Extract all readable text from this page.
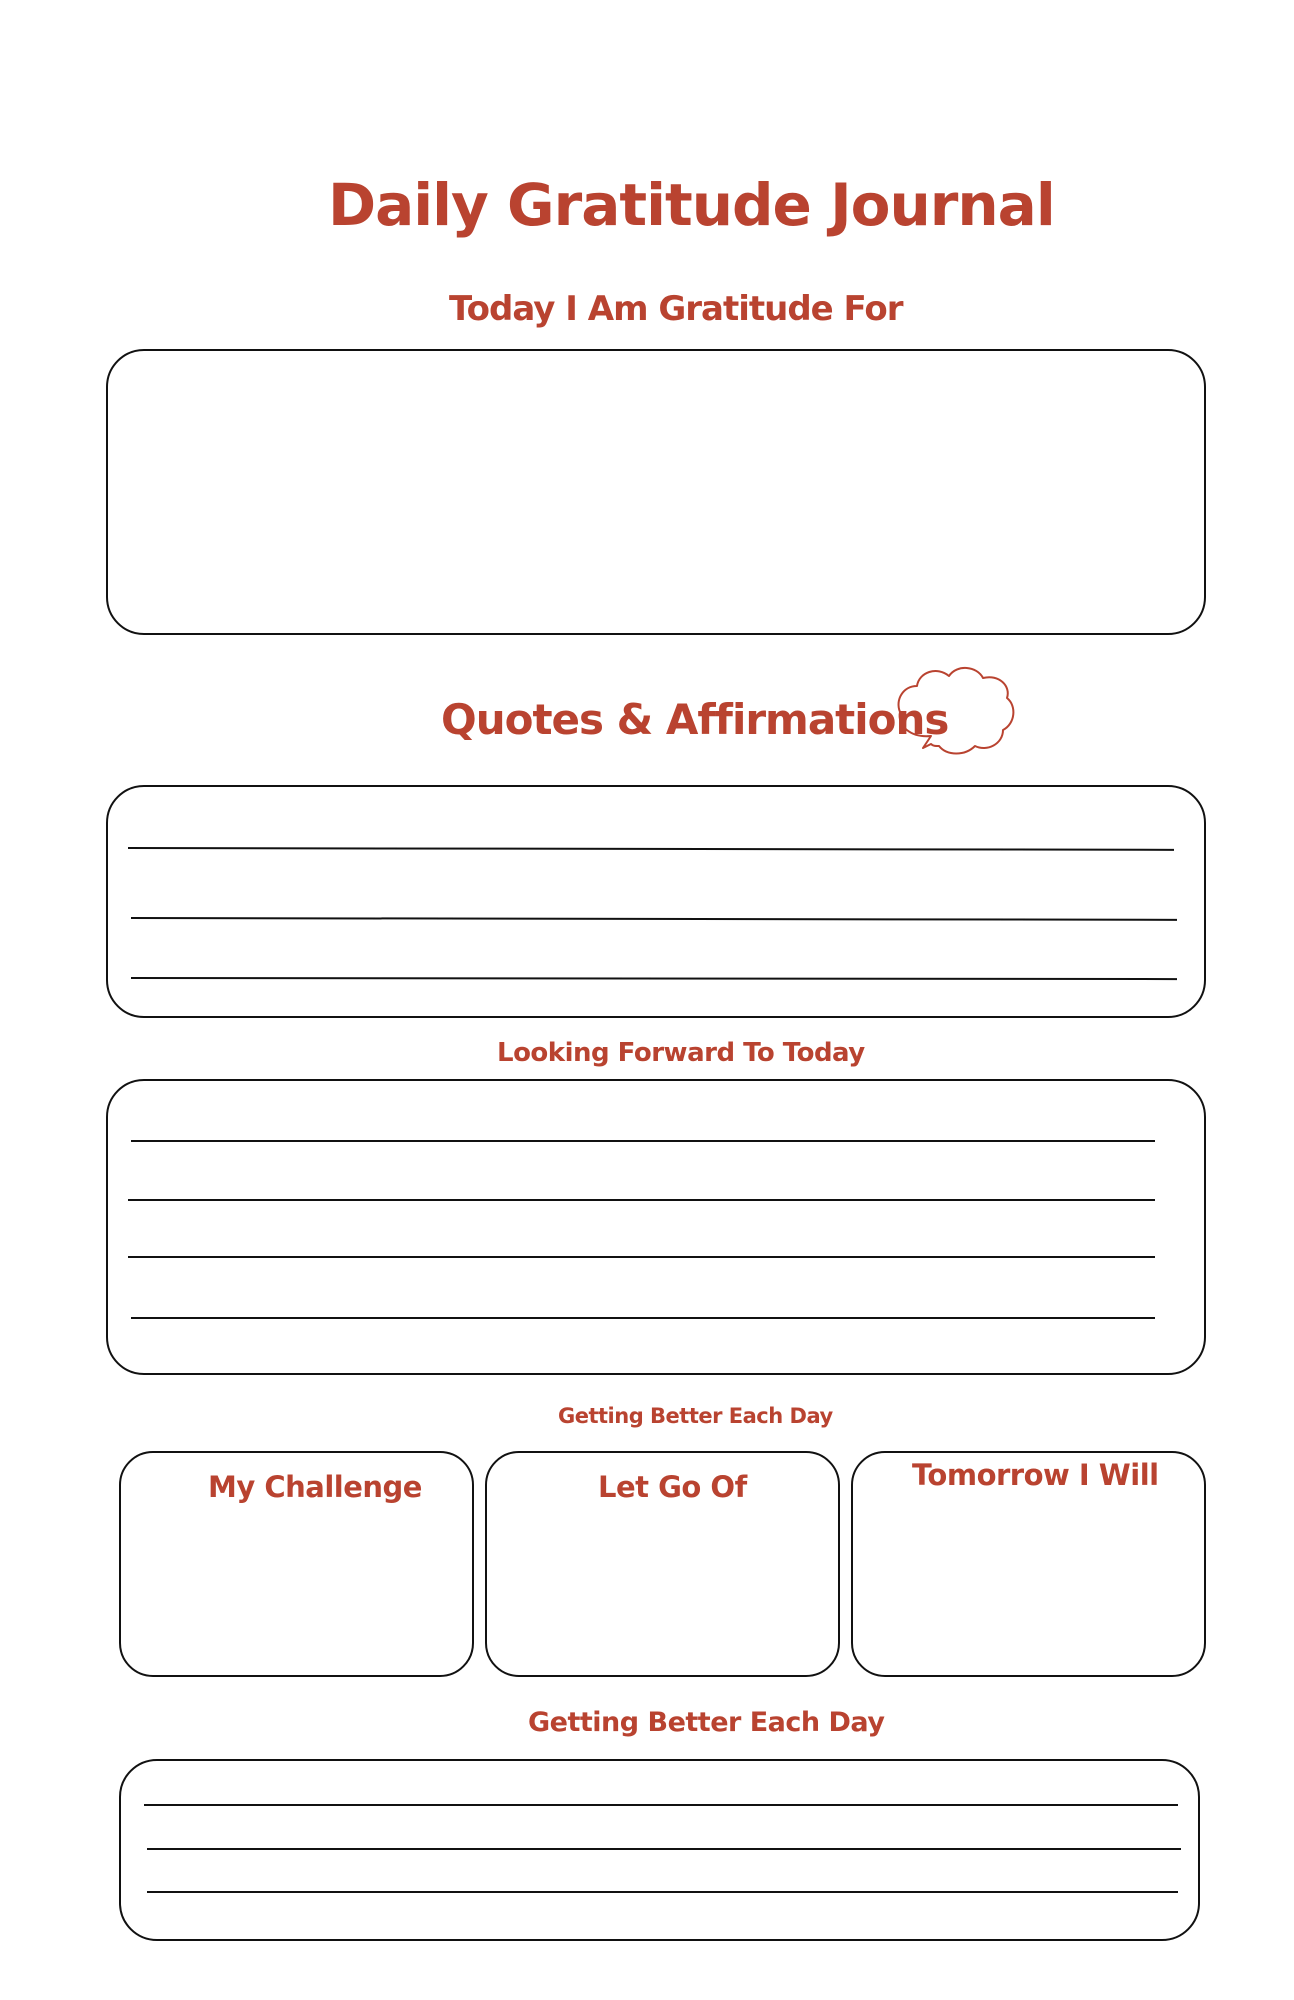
Daily Gratitude Journal
Today I Am Gratitude For
Quotes & Affirmations
Looking Forward To Today
Getting Better Each Day
My Challenge	Let Go Of	Tomorrow I Will
Getting Better Each Day
